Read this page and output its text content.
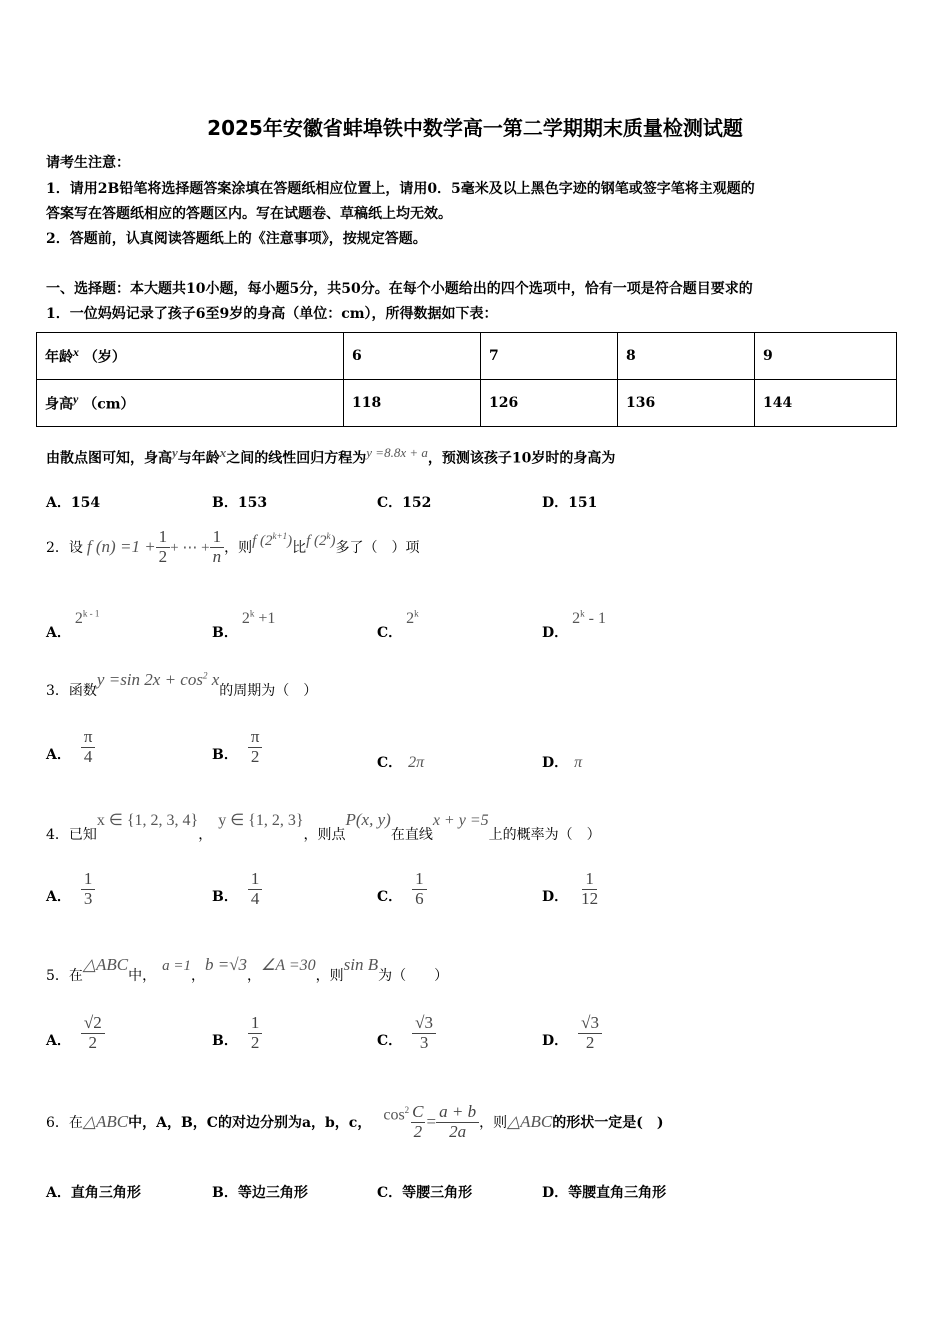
2025年安徽省蚌埠铁中数学高一第二学期期末质量检测试题
请考生注意：
1．请用2B铅笔将选择题答案涂填在答题纸相应位置上，请用0．5毫米及以上黑色字迹的钢笔或签字笔将主观题的
答案写在答题纸相应的答题区内。写在试题卷、草稿纸上均无效。
2．答题前，认真阅读答题纸上的《注意事项》，按规定答题。
一、选择题：本大题共10小题，每小题5分，共50分。在每个小题给出的四个选项中，恰有一项是符合题目要求的
1．一位妈妈记录了孩子6至9岁的身高（单位：cm），所得数据如下表：
年龄$^x$ （岁）	6	7	8	9
身高$^y$ （cm）	118	126	136	144
由散点图可知，身高$^y$与年龄$^x$之间的线性回归方程为$^{y =8.8x + a}$，预测该孩子10岁时的身高为
A．154	B．153	C．152	D．151
2．设 f $(n) =1 + \frac{1}{2}$ + ⋯ + $\frac{1}{n}$ ，则 f $(2^{k+1})$ 比 f (2$^k$) 多了（　）项
A．2$^{k - 1}$
B．$2^k +1$
C．2$^k$
D．2$^k$ - 1
3．函数y =sin $2x + \cos^2 x$的周期为（　）
A． $\frac{\pi}{4}$	B． $\frac{\pi}{2}$	C． 2π	D． π
4．已知x ∈ {1, 2, 3, 4}，y ∈ {1, 2, 3}，则点P(x, y)在直线x + y =5上的概率为（　）
A． $\frac{1}{3}$	B． $\frac{1}{4}$	C． $\frac{1}{6}$	D． $\frac{1}{12}$
5．在△ABC中，a =1，b =√3，∠A =30，则sin B为（　　）
A． $\frac{√2}{2}$	B． $\frac{1}{2}$	C． $\frac{√3}{3}$	D． $\frac{√3}{2}$
6．在 △ABC 中，A，B，C的对边分别为a，b，c， $\cos^2 \frac{C}{2} = \frac{a + b}{2a}$ ，则 △ABC 的形状一定是(　)
A．直角三角形	B．等边三角形	C．等腰三角形	D．等腰直角三角形
